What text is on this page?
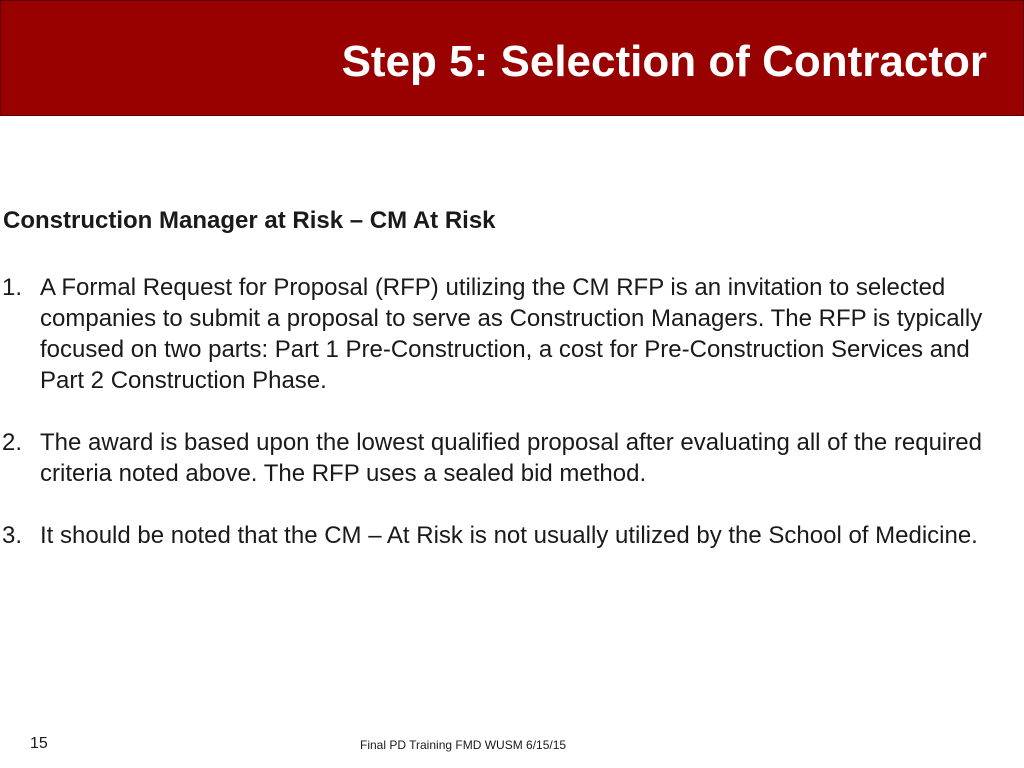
Step 5: Selection of Contractor
Construction Manager at Risk – CM At Risk
1. A Formal Request for Proposal (RFP) utilizing the CM RFP is an invitation to selected companies to submit a proposal to serve as Construction Managers. The RFP is typically focused on two parts: Part 1 Pre-Construction, a cost for Pre-Construction Services and Part 2 Construction Phase.
2. The award is based upon the lowest qualified proposal after evaluating all of the required criteria noted above. The RFP uses a sealed bid method.
3. It should be noted that the CM – At Risk is not usually utilized by the School of Medicine.
15	Final PD Training FMD WUSM 6/15/15
